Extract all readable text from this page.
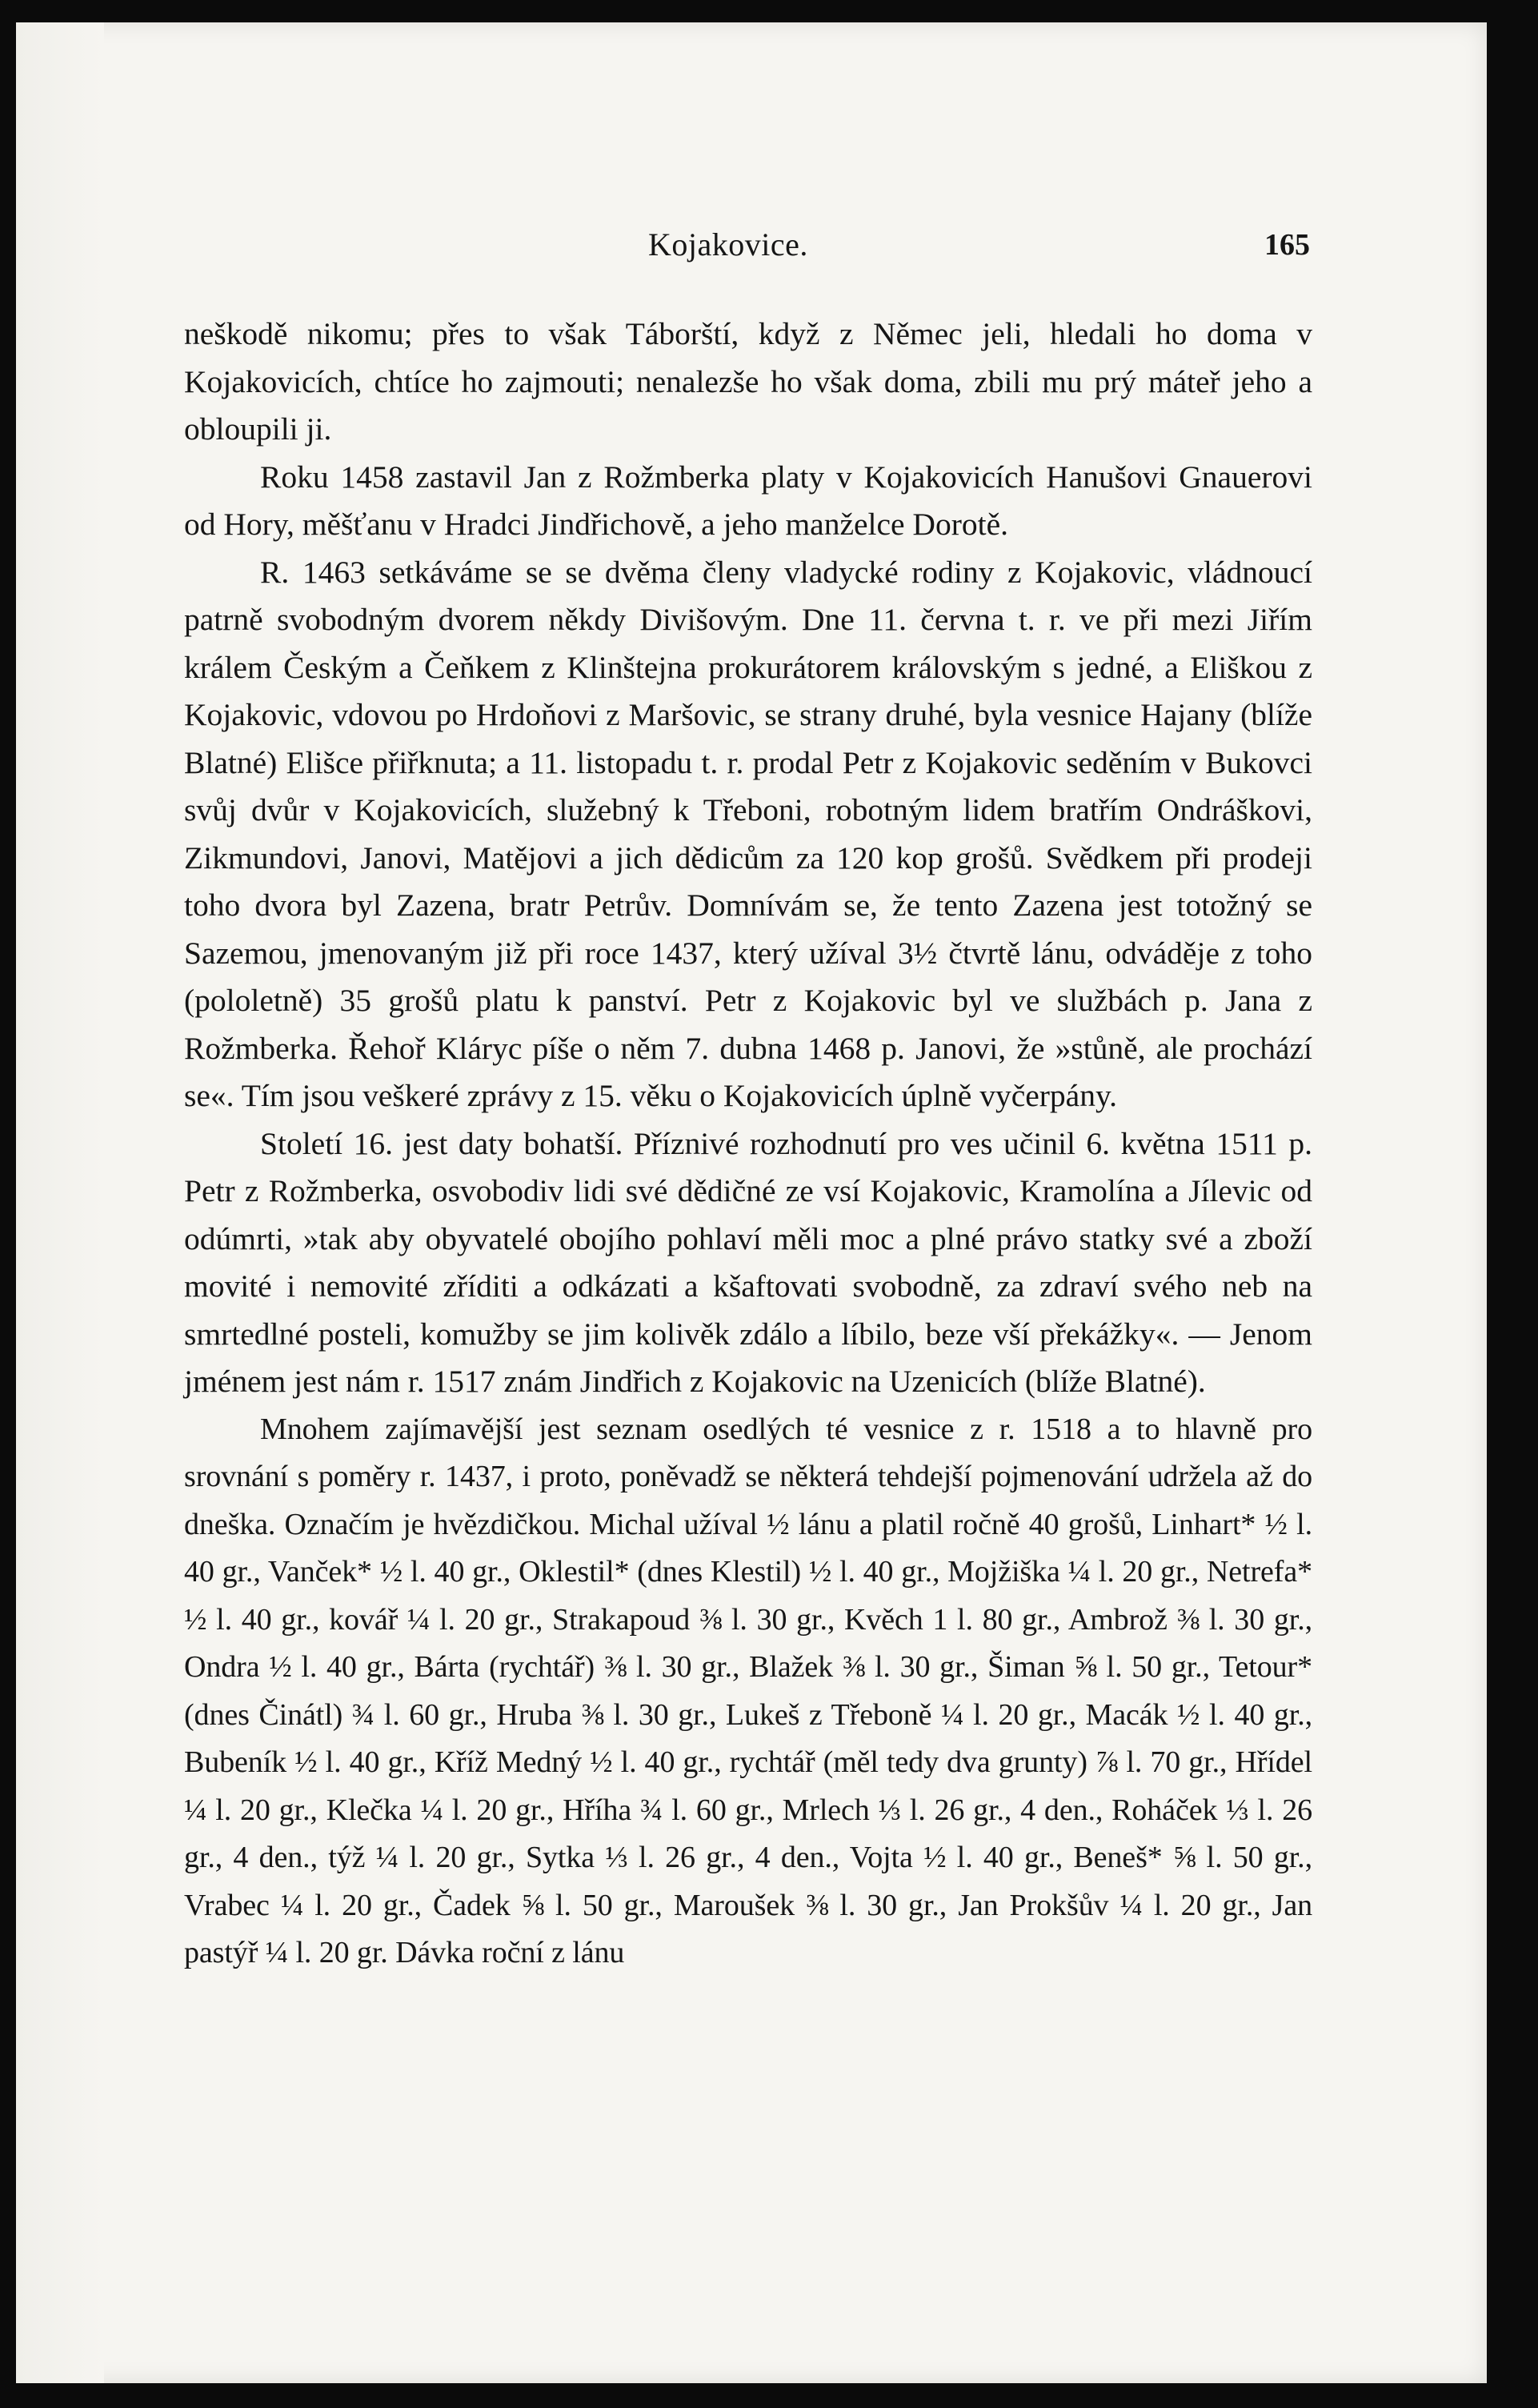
Kojakovice.	165

neškodě nikomu; přes to však Táborští, když z Němec jeli, hledali ho doma v Kojakovicích, chtíce ho zajmouti; nenalezše ho však doma, zbili mu prý máteř jeho a obloupili ji.

Roku 1458 zastavil Jan z Rožmberka platy v Kojakovicích Hanušovi Gnauerovi od Hory, měšťanu v Hradci Jindřichově, a jeho manželce Dorotě.

R. 1463 setkáváme se se dvěma členy vladycké rodiny z Kojakovic, vládnoucí patrně svobodným dvorem někdy Divišovým. Dne 11. června t. r. ve při mezi Jiřím králem Českým a Čeňkem z Klinštejna prokurátorem královským s jedné, a Eliškou z Kojakovic, vdovou po Hrdoňovi z Maršovic, se strany druhé, byla vesnice Hajany (blíže Blatné) Elišce přiřknuta; a 11. listopadu t. r. prodal Petr z Kojakovic seděním v Bukovci svůj dvůr v Kojakovicích, služebný k Třeboni, robotným lidem bratřím Ondráškovi, Zikmundovi, Janovi, Matějovi a jich dědicům za 120 kop grošů. Svědkem při prodeji toho dvora byl Zazena, bratr Petrův. Domnívám se, že tento Zazena jest totožný se Sazemou, jmenovaným již při roce 1437, který užíval 3½ čtvrtě lánu, odváděje z toho (pololetně) 35 grošů platu k panství. Petr z Kojakovic byl ve službách p. Jana z Rožmberka. Řehoř Kláryc píše o něm 7. dubna 1468 p. Janovi, že »stůně, ale prochází se«. Tím jsou veškeré zprávy z 15. věku o Kojakovicích úplně vyčerpány.

Století 16. jest daty bohatší. Příznivé rozhodnutí pro ves učinil 6. května 1511 p. Petr z Rožmberka, osvobodiv lidi své dědičné ze vsí Kojakovic, Kramolína a Jílevic od odúmrti, »tak aby obyvatelé obojího pohlaví měli moc a plné právo statky své a zboží movité i nemovité zříditi a odkázati a kšaftovati svobodně, za zdraví svého neb na smrtedlné posteli, komužby se jim kolivěk zdálo a líbilo, beze vší překážky«. — Jenom jménem jest nám r. 1517 znám Jindřich z Kojakovic na Uzenicích (blíže Blatné).

Mnohem zajímavější jest seznam osedlých té vesnice z r. 1518 a to hlavně pro srovnání s poměry r. 1437, i proto, poněvadž se některá tehdejší pojmenování udržela až do dneška. Označím je hvězdičkou. Michal užíval ½ lánu a platil ročně 40 grošů, Linhart* ½ l. 40 gr., Vanček* ½ l. 40 gr., Oklestil* (dnes Klestil) ½ l. 40 gr., Mojžiška ¼ l. 20 gr., Netrefa* ½ l. 40 gr., kovář ¼ l. 20 gr., Strakapoud ⅜ l. 30 gr., Kvěch 1 l. 80 gr., Ambrož ⅜ l. 30 gr., Ondra ½ l. 40 gr., Bárta (rychtář) ⅜ l. 30 gr., Blažek ⅜ l. 30 gr., Šiman ⅝ l. 50 gr., Tetour* (dnes Činátl) ¾ l. 60 gr., Hruba ⅜ l. 30 gr., Lukeš z Třeboně ¼ l. 20 gr., Macák ½ l. 40 gr., Bubeník ½ l. 40 gr., Kříž Medný ½ l. 40 gr., rychtář (měl tedy dva grunty) ⅞ l. 70 gr., Hřídel ¼ l. 20 gr., Klečka ¼ l. 20 gr., Hříha ¾ l. 60 gr., Mrlech ⅓ l. 26 gr., 4 den., Roháček ⅓ l. 26 gr., 4 den., týž ¼ l. 20 gr., Sytka ⅓ l. 26 gr., 4 den., Vojta ½ l. 40 gr., Beneš* ⅝ l. 50 gr., Vrabec ¼ l. 20 gr., Čadek ⅝ l. 50 gr., Maroušek ⅜ l. 30 gr., Jan Prokšův ¼ l. 20 gr., Jan pastýř ¼ l. 20 gr. Dávka roční z lánu
